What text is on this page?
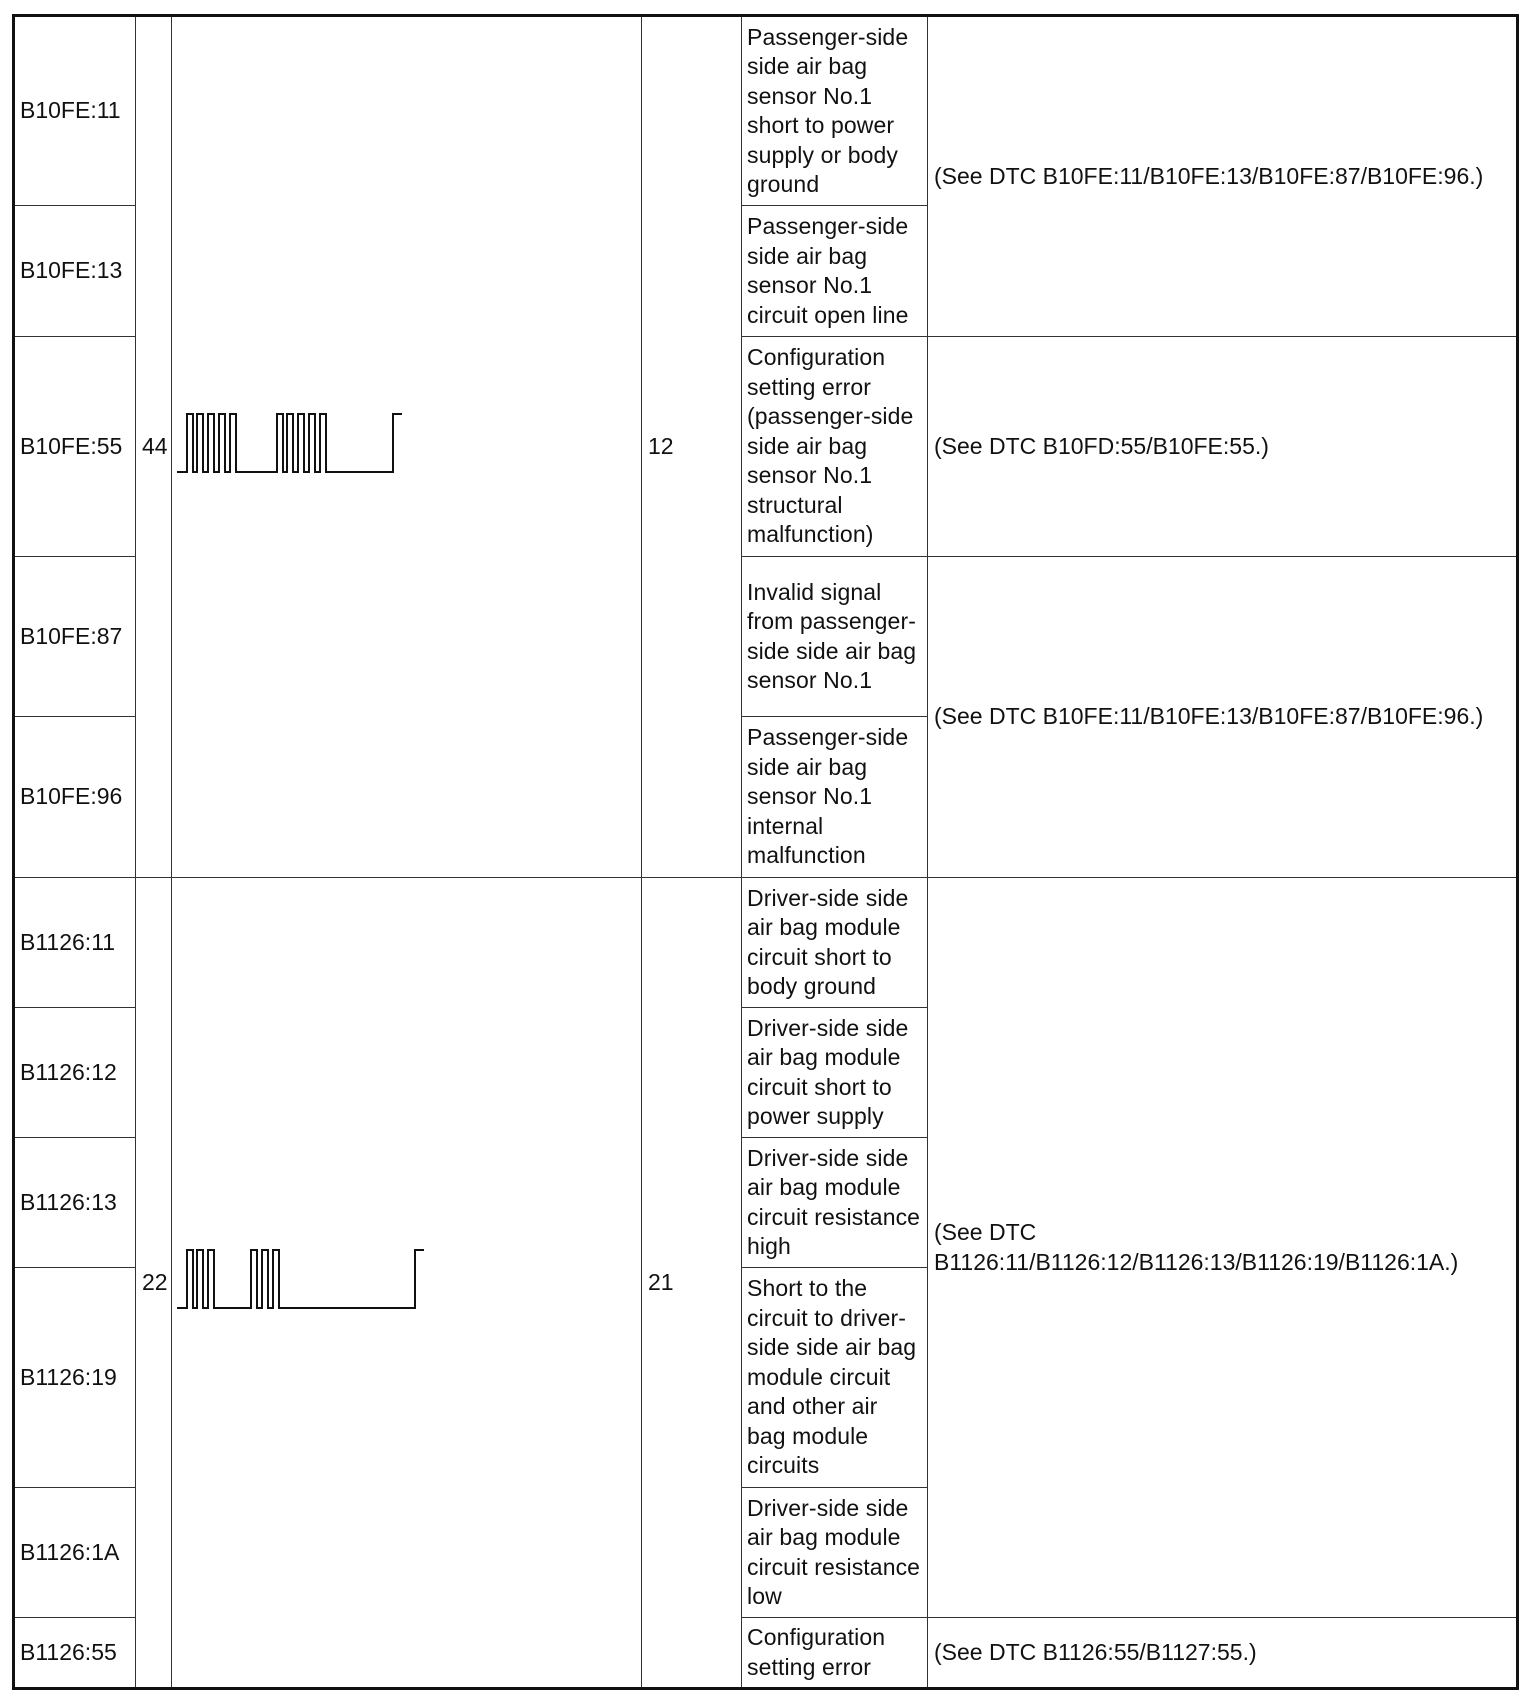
B10FE:11	44		12	Passenger-side side air bag sensor No.1 short to power supply or body ground	(See DTC B10FE:11/B10FE:13/B10FE:87/B10FE:96.)
B10FE:13				Passenger-side side air bag sensor No.1 circuit open line	
B10FE:55				Configuration setting error (passenger-side side air bag sensor No.1 structural malfunction)	(See DTC B10FD:55/B10FE:55.)
B10FE:87				Invalid signal from passenger-side side air bag sensor No.1	(See DTC B10FE:11/B10FE:13/B10FE:87/B10FE:96.)
B10FE:96				Passenger-side side air bag sensor No.1 internal malfunction	
B1126:11	22		21	Driver-side side air bag module circuit short to body ground	(See DTC B1126:11/B1126:12/B1126:13/B1126:19/B1126:1A.)
B1126:12				Driver-side side air bag module circuit short to power supply	
B1126:13				Driver-side side air bag module circuit resistance high	
B1126:19				Short to the circuit to driver-side side air bag module circuit and other air bag module circuits	
B1126:1A				Driver-side side air bag module circuit resistance low	
B1126:55				Configuration setting error	(See DTC B1126:55/B1127:55.)
